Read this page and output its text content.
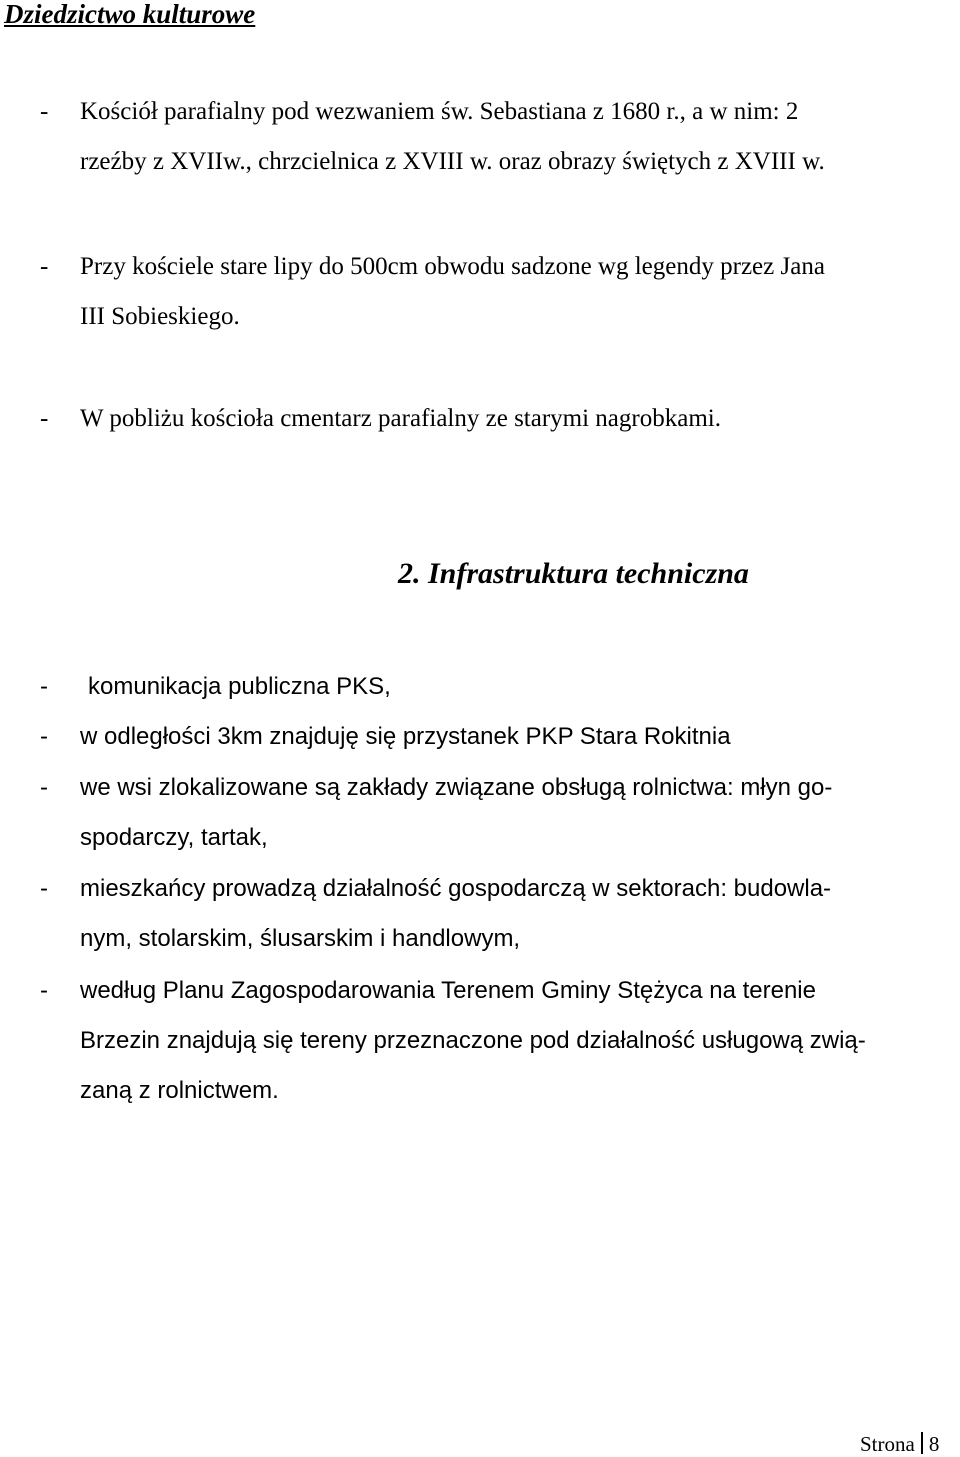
Dziedzictwo kulturowe
- Kościół parafialny pod wezwaniem św. Sebastiana z 1680 r., a w nim: 2
rzeźby z XVIIw., chrzcielnica z XVIII w. oraz obrazy świętych z XVIII w.
- Przy kościele stare lipy do 500cm obwodu sadzone wg legendy przez Jana
III Sobieskiego.
- W pobliżu kościoła cmentarz parafialny ze starymi nagrobkami.
2. Infrastruktura techniczna
- komunikacja publiczna PKS,
- w odległości 3km znajduję się przystanek PKP Stara Rokitnia
- we wsi zlokalizowane są zakłady związane obsługą rolnictwa: młyn go-
spodarczy, tartak,
- mieszkańcy prowadzą działalność gospodarczą w sektorach: budowla-
nym, stolarskim, ślusarskim i handlowym,
- według Planu Zagospodarowania Terenem Gminy Stężyca na terenie
Brzezin znajdują się tereny przeznaczone pod działalność usługową zwią-
zaną z rolnictwem.
Strona 8
